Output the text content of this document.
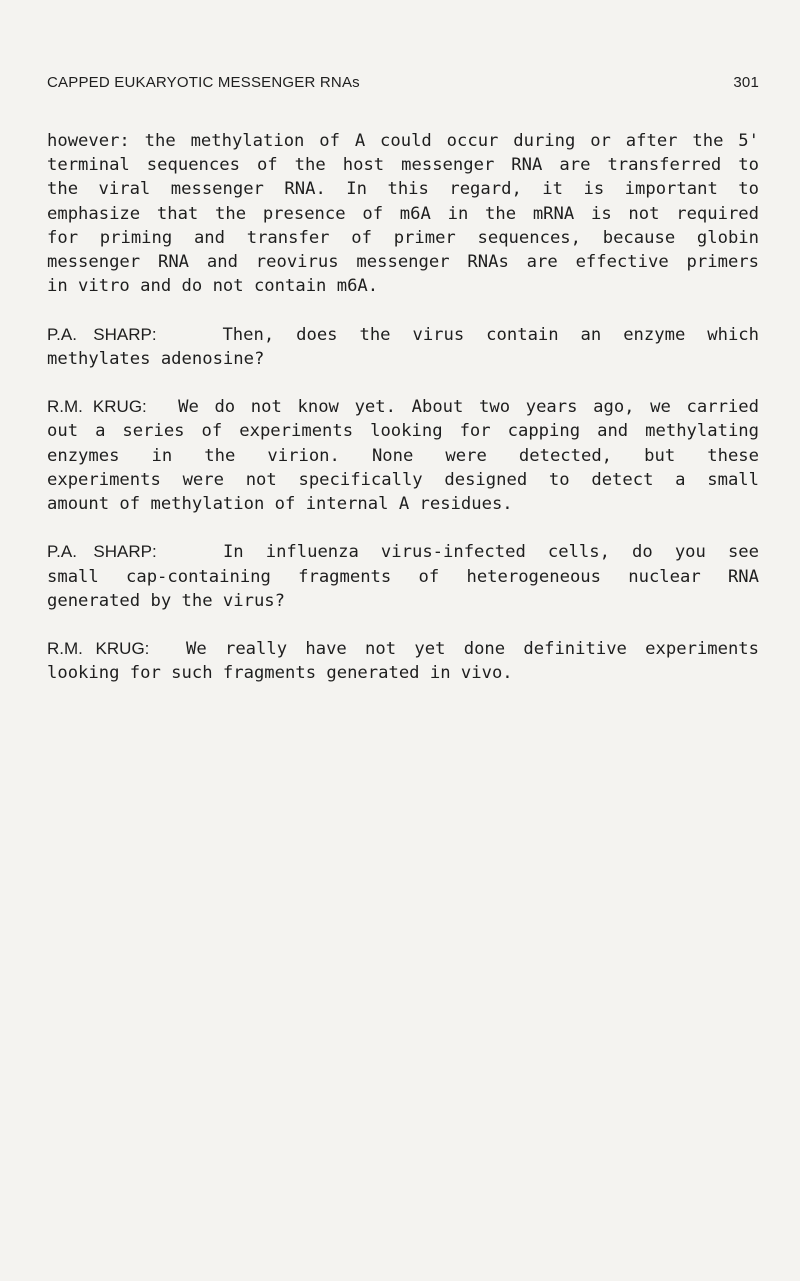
CAPPED EUKARYOTIC MESSENGER RNAs	301
however: the methylation of A could occur during or after the 5'
terminal sequences of the host messenger RNA are transferred to
the viral messenger RNA. In this regard, it is important to
emphasize that the presence of m6A in the mRNA is not required
for priming and transfer of primer sequences, because globin
messenger RNA and reovirus messenger RNAs are effective primers
in vitro and do not contain m6A.
P.A. SHARP:	Then, does the virus contain an enzyme which
methylates adenosine?
R.M. KRUG: We do not know yet. About two years ago, we carried
out a series of experiments looking for capping and methylating
enzymes in the virion. None were detected, but these
experiments were not specifically designed to detect a small
amount of methylation of internal A residues.
P.A. SHARP:	In influenza virus-infected cells, do you see
small cap-containing fragments of heterogeneous nuclear RNA
generated by the virus?
R.M. KRUG: We really have not yet done definitive experiments
looking for such fragments generated in vivo.
